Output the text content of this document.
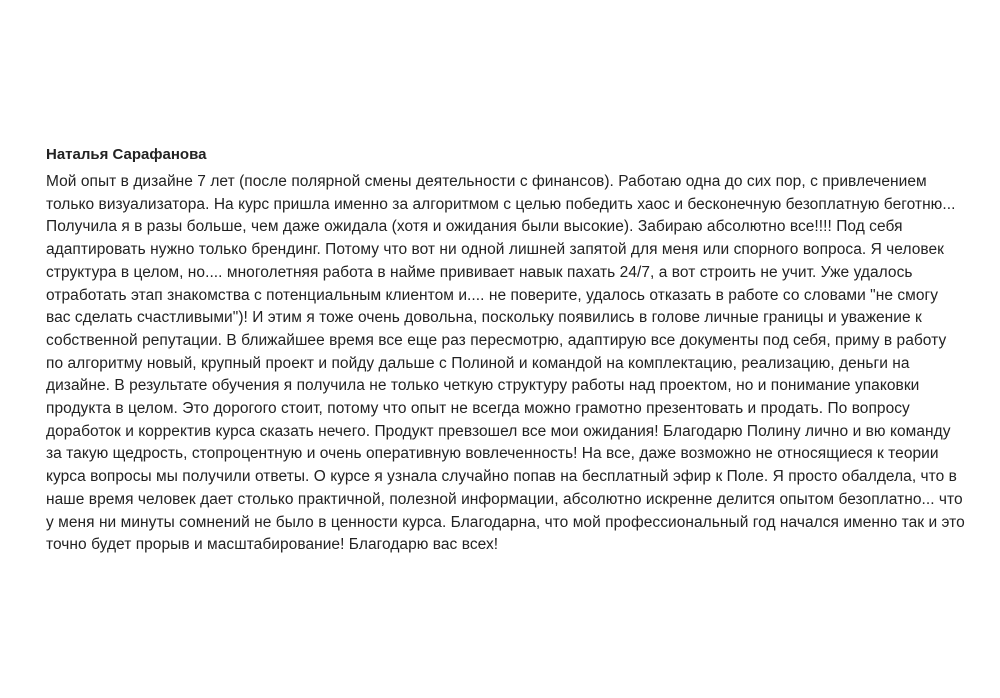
Наталья Сарафанова

Мой опыт в дизайне 7 лет (после полярной смены деятельности с финансов). Работаю одна до сих пор, с привлечением только визуализатора. На курс пришла именно за алгоритмом с целью победить хаос и бесконечную безоплатную беготню... Получила я в разы больше, чем даже ожидала (хотя и ожидания были высокие). Забираю абсолютно все!!!! Под себя адаптировать нужно только брендинг. Потому что вот ни одной лишней запятой для меня или спорного вопроса. Я человек структура в целом, но.... многолетняя работа в найме прививает навык пахать 24/7, а вот строить не учит. Уже удалось отработать этап знакомства с потенциальным клиентом и.... не поверите, удалось отказать в работе со словами "не смогу вас сделать счастливыми")! И этим я тоже очень довольна, поскольку появились в голове личные границы и уважение к собственной репутации. В ближайшее время все еще раз пересмотрю, адаптирую все документы под себя, приму в работу по алгоритму новый, крупный проект и пойду дальше с Полиной и командой на комплектацию, реализацию, деньги на дизайне. В результате обучения я получила не только четкую структуру работы над проектом, но и понимание упаковки продукта в целом. Это дорогого стоит, потому что опыт не всегда можно грамотно презентовать и продать. По вопросу доработок и корректив курса сказать нечего. Продукт превзошел все мои ожидания! Благодарю Полину лично и вю команду за такую щедрость, стопроцентную и очень оперативную вовлеченность! На все, даже возможно не относящиеся к теории курса вопросы мы получили ответы. О курсе я узнала случайно попав на бесплатный эфир к Поле. Я просто обалдела, что в наше время человек дает столько практичной, полезной информации, абсолютно искренне делится опытом безоплатно... что у меня ни минуты сомнений не было в ценности курса. Благодарна, что мой профессиональный год начался именно так и это точно будет прорыв и масштабирование! Благодарю вас всех!
